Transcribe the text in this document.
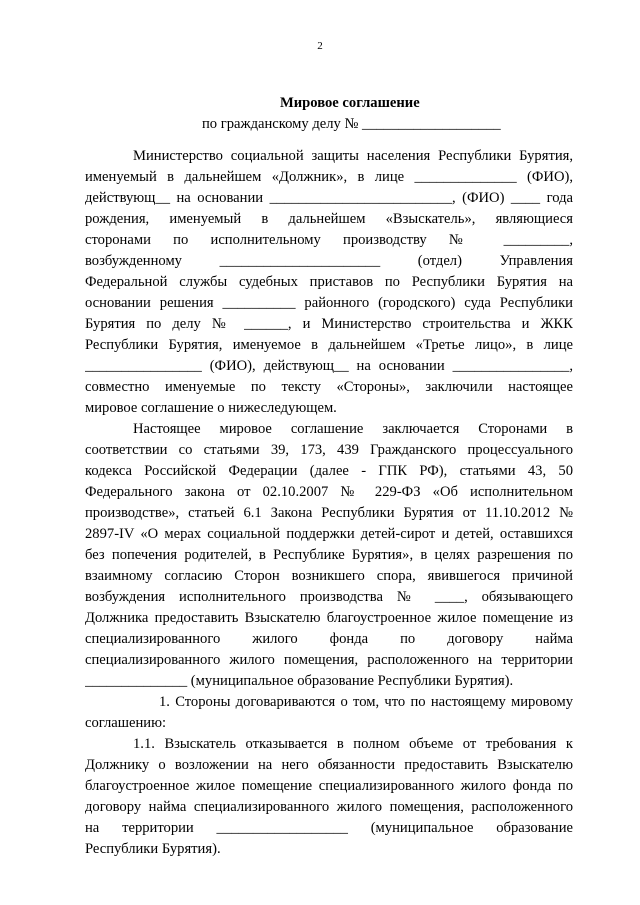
2
Мировое соглашение
по гражданскому делу № ___________________
Министерство социальной защиты населения Республики Бурятия,
именуемый в дальнейшем «Должник», в лице ______________ (ФИО),
действующ__ на основании _________________________, (ФИО) ____ года
рождения, именуемый в дальнейшем «Взыскатель», являющиеся
сторонами по исполнительному производству № _________,
возбужденному ______________________ (отдел) Управления
Федеральной службы судебных приставов по Республики Бурятия на
основании решения __________ районного (городского) суда Республики
Бурятия по делу № ______, и Министерство строительства и ЖКК
Республики Бурятия, именуемое в дальнейшем «Третье лицо», в лице
________________ (ФИО), действующ__ на основании ________________,
совместно именуемые по тексту «Стороны», заключили настоящее
мировое соглашение о нижеследующем.
Настоящее мировое соглашение заключается Сторонами в
соответствии со статьями 39, 173, 439 Гражданского процессуального
кодекса Российской Федерации (далее - ГПК РФ), статьями 43, 50
Федерального закона от 02.10.2007 № 229-ФЗ «Об исполнительном
производстве», статьей 6.1 Закона Республики Бурятия от 11.10.2012 №
2897-IV «О мерах социальной поддержки детей-сирот и детей, оставшихся
без попечения родителей, в Республике Бурятия», в целях разрешения по
взаимному согласию Сторон возникшего спора, явившегося причиной
возбуждения исполнительного производства № ____, обязывающего
Должника предоставить Взыскателю благоустроенное жилое помещение из
специализированного жилого фонда по договору найма
специализированного жилого помещения, расположенного на территории
______________ (муниципальное образование Республики Бурятия).
1. Стороны договариваются о том, что по настоящему мировому
соглашению:
1.1. Взыскатель отказывается в полном объеме от требования к
Должнику о возложении на него обязанности предоставить Взыскателю
благоустроенное жилое помещение специализированного жилого фонда по
договору найма специализированного жилого помещения, расположенного
на территории __________________ (муниципальное образование
Республики Бурятия).
